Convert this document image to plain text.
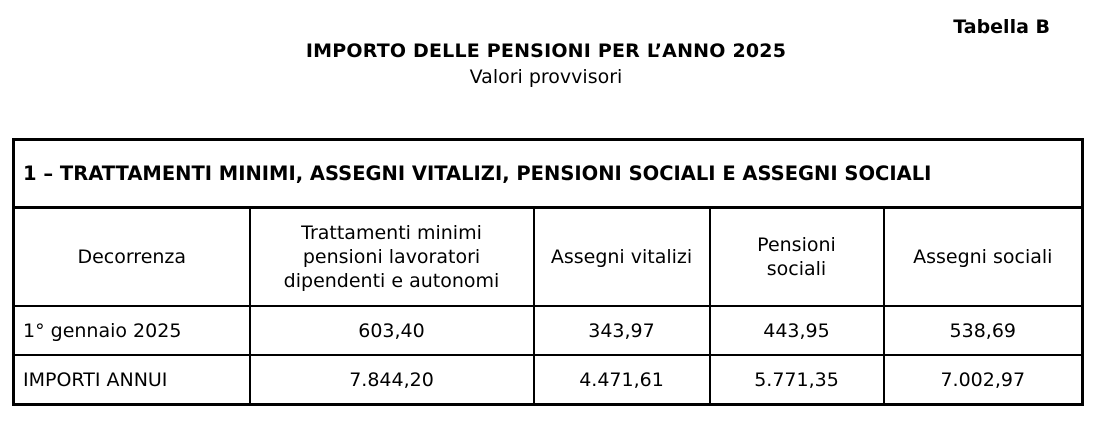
Tabella B
IMPORTO DELLE PENSIONI PER L’ANNO 2025
Valori provvisori
1 – TRATTAMENTI MINIMI, ASSEGNI VITALIZI, PENSIONI SOCIALI E ASSEGNI SOCIALI				
Decorrenza	Trattamenti minimi pensioni lavoratori dipendenti e autonomi	Assegni vitalizi	Pensioni sociali	Assegni sociali
1° gennaio 2025	603,40	343,97	443,95	538,69
IMPORTI ANNUI	7.844,20	4.471,61	5.771,35	7.002,97
